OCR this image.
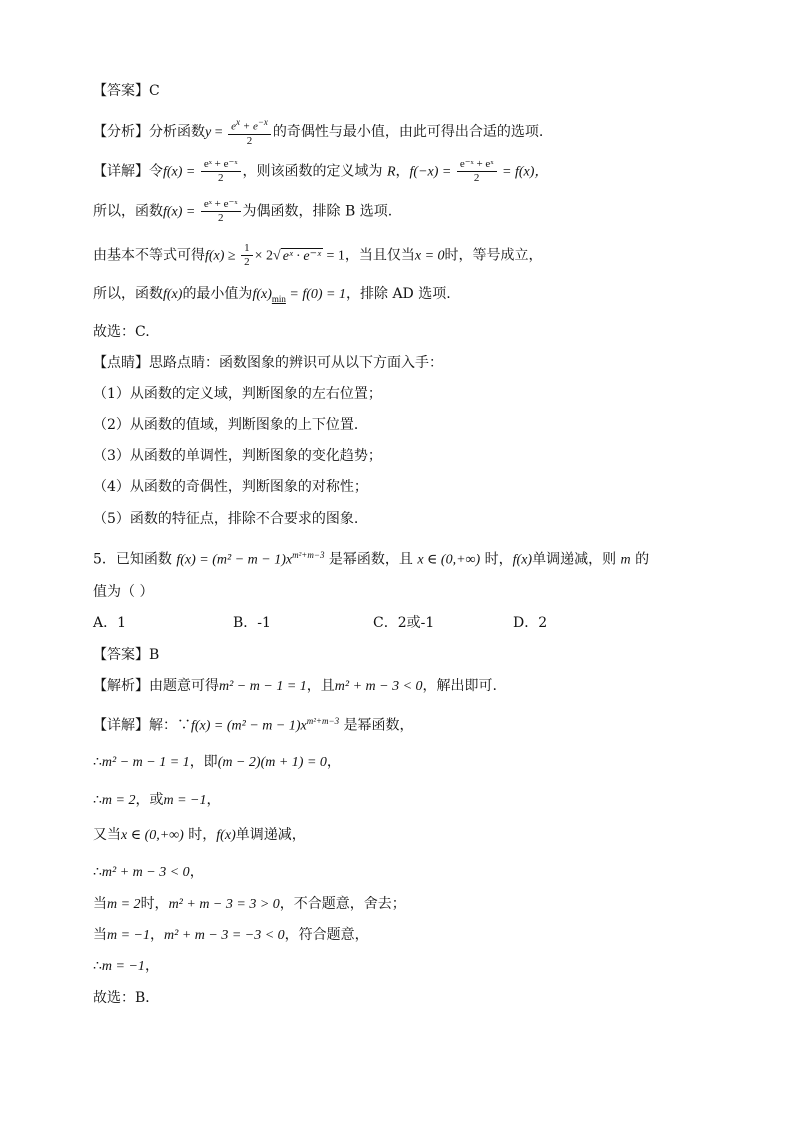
【答案】C
【分析】分析函数$y = \frac{e^x + e^{-x}}{2}$ 的奇偶性与最小值，由此可得出合适的选项.
【详解】令$f(x) = \frac{\text{eˣ + e⁻ˣ}}{2}$ ，则该函数的定义域为 R，$f(-x) = \frac{\text{e⁻ˣ + eˣ}}{2} = f(x)$，
所以，函数$f(x) = \frac{\text{eˣ + e⁻ˣ}}{2}$ 为偶函数，排除 B 选项.
由基本不等式可得$f(x) \ge \frac{1}{2} \times 2√$ eˣ · e⁻ˣ = 1，当且仅当x = 0时，等号成立，
所以，函数f(x)的最小值为$f(x)_{min} = f(0) = 1$，排除 AD 选项.
故选：C.
【点睛】思路点睛：函数图象的辨识可从以下方面入手：
（1）从函数的定义域，判断图象的左右位置；
（2）从函数的值域，判断图象的上下位置．
（3）从函数的单调性，判断图象的变化趋势；
（4）从函数的奇偶性，判断图象的对称性；
（5）函数的特征点，排除不合要求的图象.
5．已知函数 $f(x) = (m^2 - m - 1)x^{m^2+m-3}$ 是幂函数，且 x ∈ (0,+∞) 时，f(x)单调递减，则 m 的
值为（ ）
A．1	B．-1	C．2或-1	D．2
【答案】B
【解析】由题意可得m² − m − 1 = 1，且m² + m − 3 < 0，解出即可.
【详解】解：∵f(x) = $(m^2 - m - 1)x^{m^2+m-3}$ 是幂函数，
∴m² − m − 1 = 1，即(m − 2)(m + 1) = 0，
∴m = 2，或m = −1，
又当x ∈ (0,+∞) 时，f(x)单调递减，
∴m² + m − 3 < 0，
当m = 2时，m² + m − 3 = 3 > 0，不合题意，舍去；
当m = −1，m² + m − 3 = −3 < 0，符合题意，
∴m = −1，
故选：B．
